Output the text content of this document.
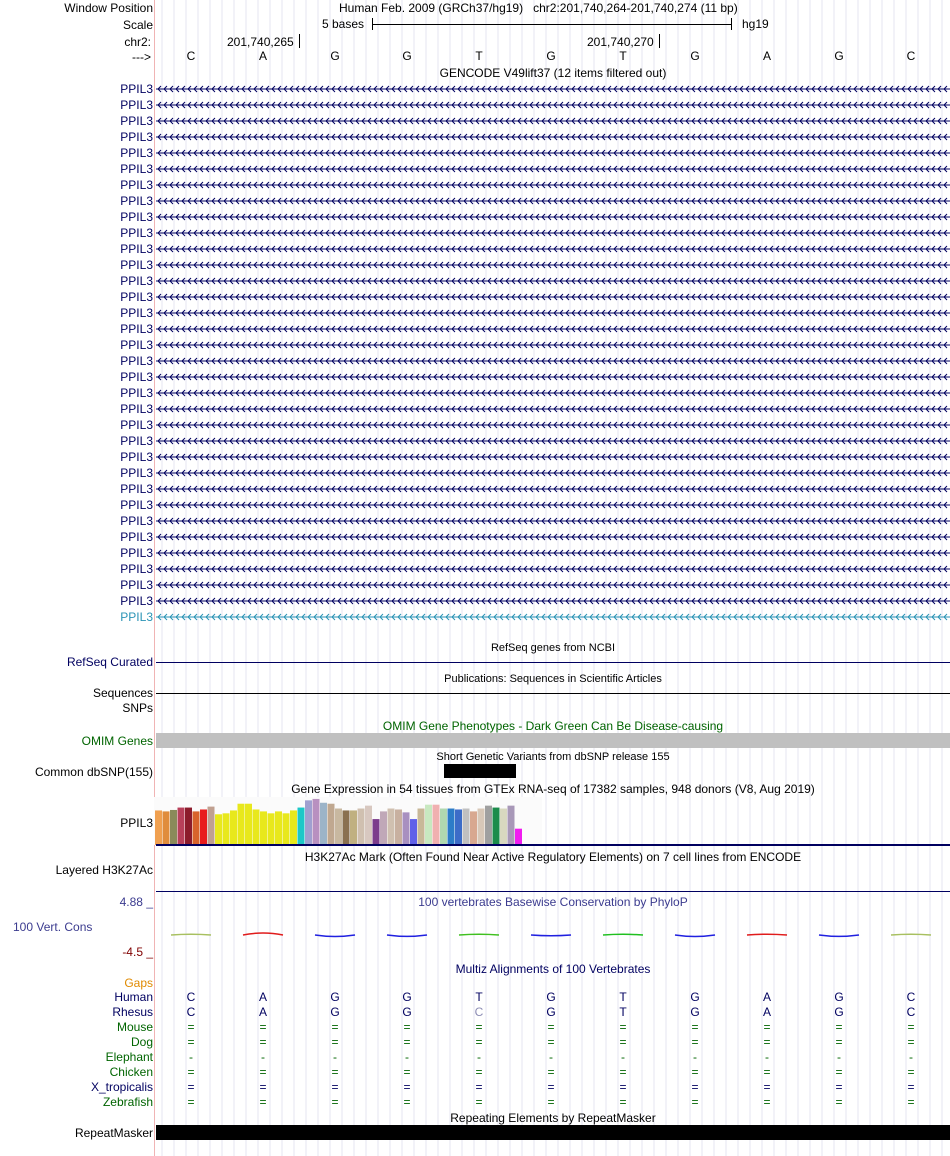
Window Position	Human Feb. 2009 (GRCh37/hg19) chr2:201,740,264-201,740,274 (11 bp)
Scale	5 bases	hg19
chr2:	201,740,265	201,740,270
--->	C	A	G	G	T	G	T	G	A	G	C
GENCODE V49lift37 (12 items filtered out)
PPIL3
PPIL3
PPIL3
PPIL3
PPIL3
PPIL3
PPIL3
PPIL3
PPIL3
PPIL3
PPIL3
PPIL3
PPIL3
PPIL3
PPIL3
PPIL3
PPIL3
PPIL3
PPIL3
PPIL3
PPIL3
PPIL3
PPIL3
PPIL3
PPIL3
PPIL3
PPIL3
PPIL3
PPIL3
PPIL3
PPIL3
PPIL3
PPIL3
PPIL3
RefSeq genes from NCBI
RefSeq Curated
Publications: Sequences in Scientific Articles
Sequences
SNPs
OMIM Gene Phenotypes - Dark Green Can Be Disease-causing
OMIM Genes
Short Genetic Variants from dbSNP release 155
Common dbSNP(155)
Gene Expression in 54 tissues from GTEx RNA-seq of 17382 samples, 948 donors (V8, Aug 2019)
PPIL3
H3K27Ac Mark (Often Found Near Active Regulatory Elements) on 7 cell lines from ENCODE
Layered H3K27Ac
100 vertebrates Basewise Conservation by PhyloP
4.88 _
100 Vert. Cons
-4.5 _
Multiz Alignments of 100 Vertebrates
Gaps
Human	C	A	G	G	T	G	T	G	A	G	C
Rhesus	C	A	G	G	C	G	T	G	A	G	C
Mouse	=	=	=	=	=	=	=	=	=	=	=
Dog	=	=	=	=	=	=	=	=	=	=	=
Elephant	-	-	-	-	-	-	-	-	-	-	-
Chicken	=	=	=	=	=	=	=	=	=	=	=
X_tropicalis	=	=	=	=	=	=	=	=	=	=	=
Zebrafish	=	=	=	=	=	=	=	=	=	=	=
Repeating Elements by RepeatMasker
RepeatMasker
